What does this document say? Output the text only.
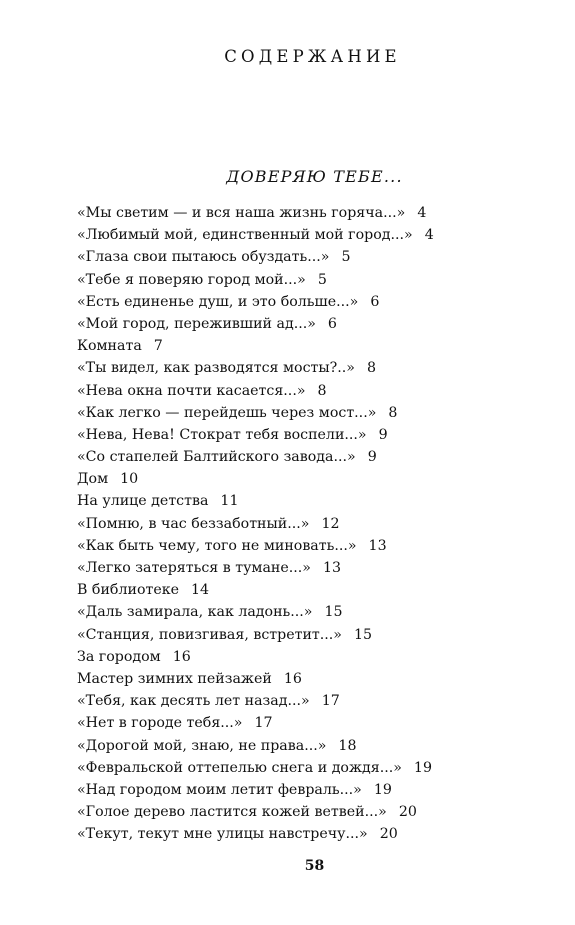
СОДЕРЖАНИЕ
ДОВЕРЯЮ ТЕБЕ...
«Мы светим — и вся наша жизнь горяча...» 4
«Любимый мой, единственный мой город...» 4
«Глаза свои пытаюсь обуздать...» 5
«Тебе я поверяю город мой...» 5
«Есть единенье душ, и это больше...» 6
«Мой город, переживший ад...» 6
Комната 7
«Ты видел, как разводятся мосты?..» 8
«Нева окна почти касается...» 8
«Как легко — перейдешь через мост...» 8
«Нева, Нева! Стократ тебя воспели...» 9
«Со стапелей Балтийского завода...» 9
Дом 10
На улице детства 11
«Помню, в час беззаботный...» 12
«Как быть чему, того не миновать...» 13
«Легко затеряться в тумане...» 13
В библиотеке 14
«Даль замирала, как ладонь...» 15
«Станция, повизгивая, встретит...» 15
За городом 16
Мастер зимних пейзажей 16
«Тебя, как десять лет назад...» 17
«Нет в городе тебя...» 17
«Дорогой мой, знаю, не права...» 18
«Февральской оттепелью снега и дождя...» 19
«Над городом моим летит февраль...» 19
«Голое дерево ластится кожей ветвей...» 20
«Текут, текут мне улицы навстречу...» 20
58
